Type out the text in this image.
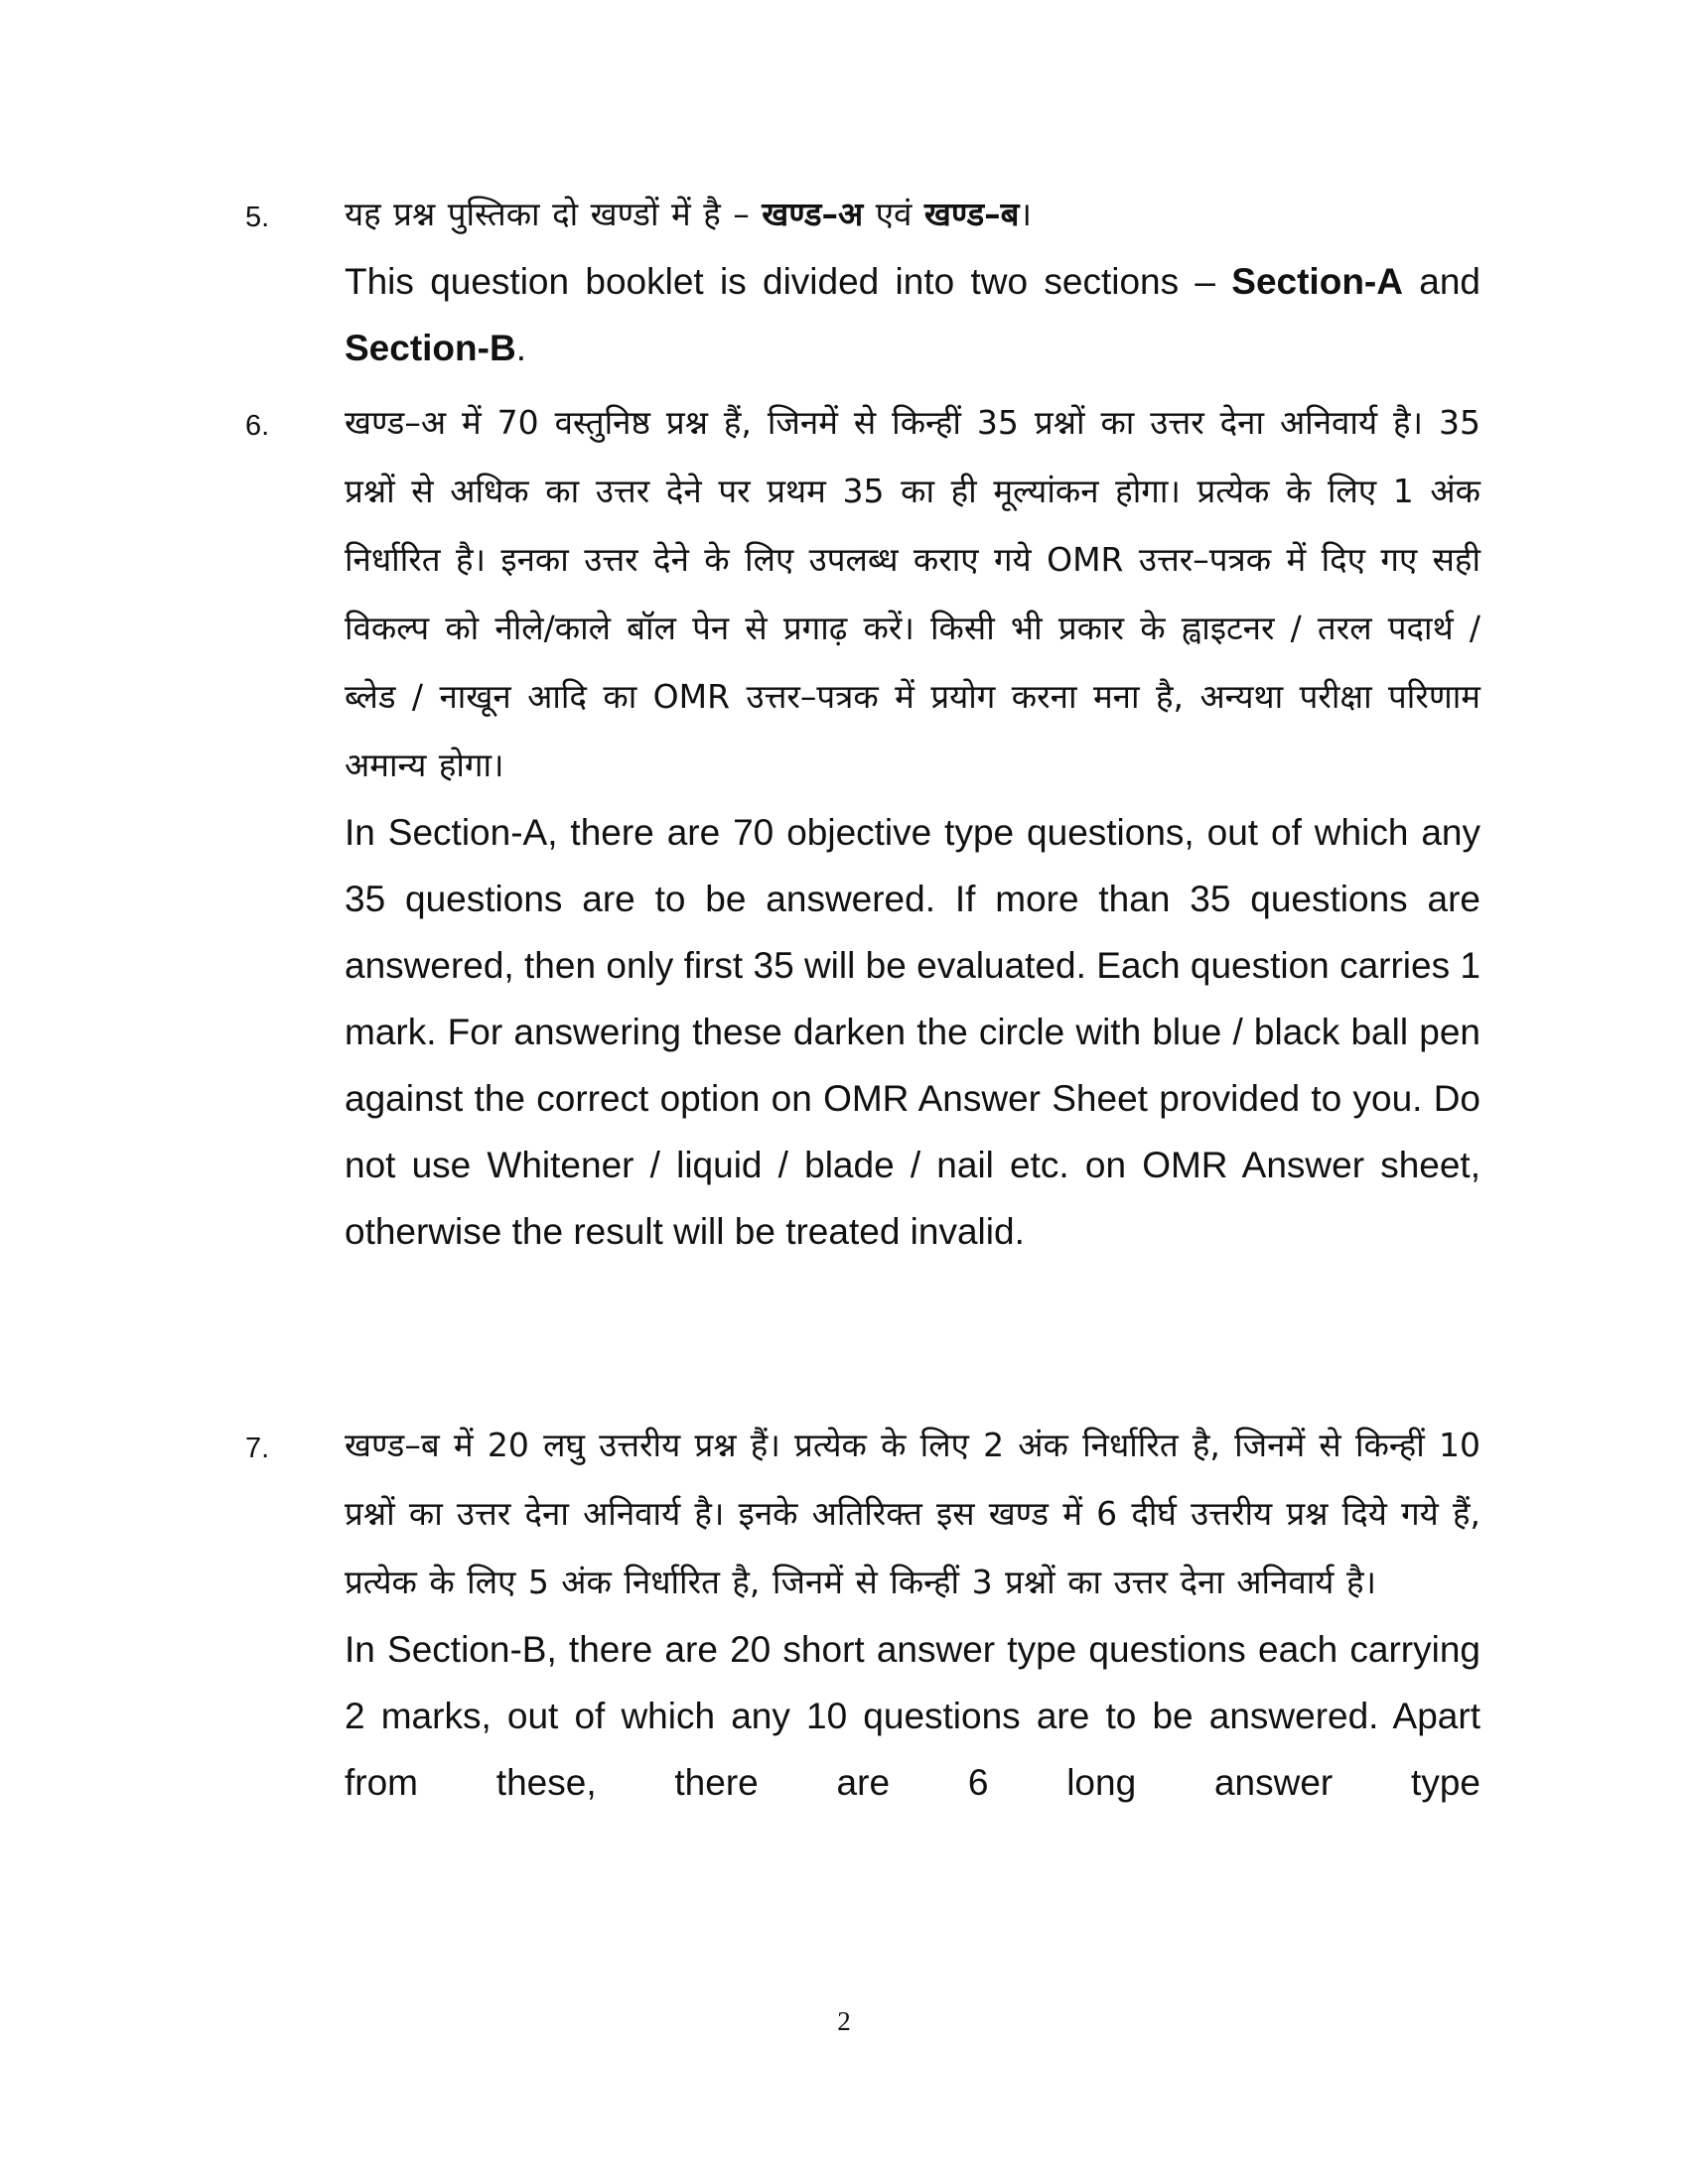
5. यह प्रश्न पुस्तिका दो खण्डों में है – खण्ड–अ एवं खण्ड–ब।

This question booklet is divided into two sections – Section-A and Section-B.

6. खण्ड–अ में 70 वस्तुनिष्ठ प्रश्न हैं, जिनमें से किन्हीं 35 प्रश्नों का उत्तर देना अनिवार्य है। 35 प्रश्नों से अधिक का उत्तर देने पर प्रथम 35 का ही मूल्यांकन होगा। प्रत्येक के लिए 1 अंक निर्धारित है। इनका उत्तर देने के लिए उपलब्ध कराए गये OMR उत्तर–पत्रक में दिए गए सही विकल्प को नीले/काले बॉल पेन से प्रगाढ़ करें। किसी भी प्रकार के ह्वाइटनर / तरल पदार्थ / ब्लेड / नाखून आदि का OMR उत्तर–पत्रक में प्रयोग करना मना है, अन्यथा परीक्षा परिणाम अमान्य होगा।

In Section-A, there are 70 objective type questions, out of which any 35 questions are to be answered. If more than 35 questions are answered, then only first 35 will be evaluated. Each question carries 1 mark. For answering these darken the circle with blue / black ball pen against the correct option on OMR Answer Sheet provided to you. Do not use Whitener / liquid / blade / nail etc. on OMR Answer sheet, otherwise the result will be treated invalid.

7. खण्ड–ब में 20 लघु उत्तरीय प्रश्न हैं। प्रत्येक के लिए 2 अंक निर्धारित है, जिनमें से किन्हीं 10 प्रश्नों का उत्तर देना अनिवार्य है। इनके अतिरिक्त इस खण्ड में 6 दीर्घ उत्तरीय प्रश्न दिये गये हैं, प्रत्येक के लिए 5 अंक निर्धारित है, जिनमें से किन्हीं 3 प्रश्नों का उत्तर देना अनिवार्य है।

In Section-B, there are 20 short answer type questions each carrying 2 marks, out of which any 10 questions are to be answered. Apart from these, there are 6 long answer type

2
